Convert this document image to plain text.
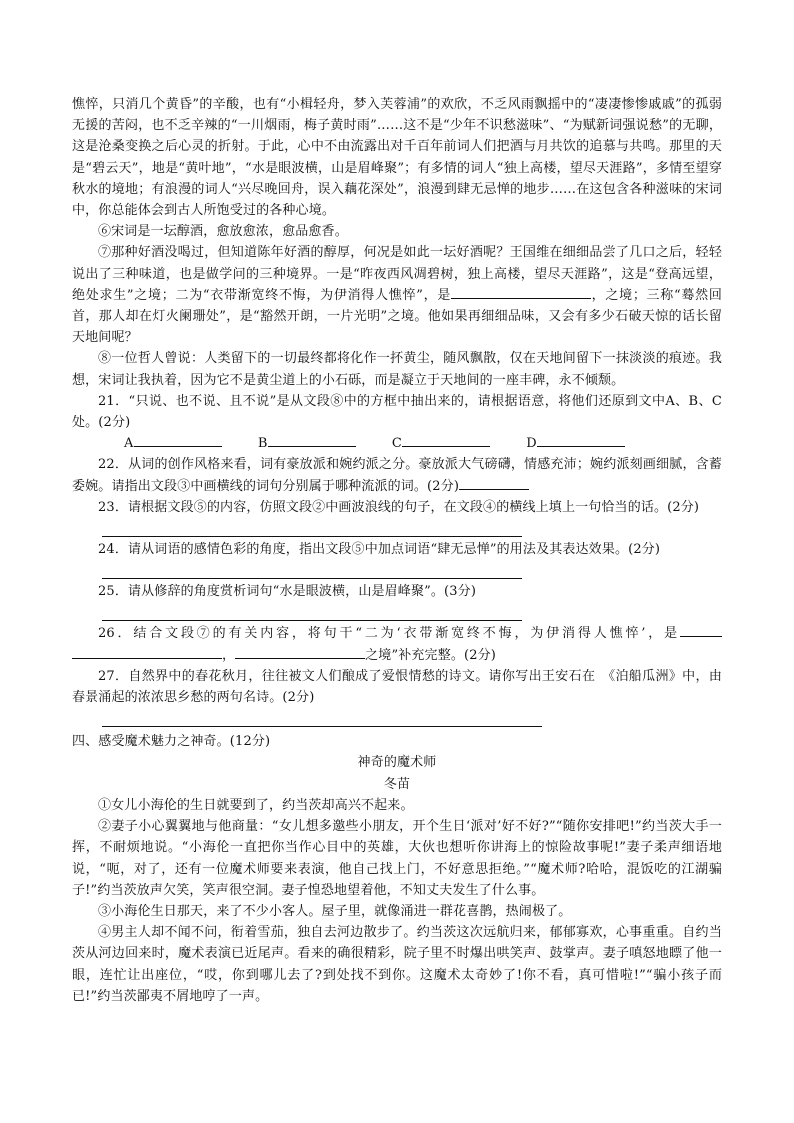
憔悴，只消几个黄昏”的辛酸，也有“小楫轻舟，梦入芙蓉浦”的欢欣，不乏风雨飘摇中的“凄凄惨惨戚戚”的孤弱无援的苦闷，也不乏辛辣的“一川烟雨，梅子黄时雨”……这不是“少年不识愁滋味”、“为赋新词强说愁”的无聊，这是沧桑变换之后心灵的折射。于此，心中不由流露出对千百年前词人们把酒与月共饮的追慕与共鸣。那里的天是“碧云天”，地是“黄叶地”，“水是眼波横，山是眉峰聚”；有多情的词人“独上高楼，望尽天涯路”，多情至望穿秋水的境地；有浪漫的词人“兴尽晚回舟，误入藕花深处”，浪漫到肆无忌惮的地步……在这包含各种滋味的宋词中，你总能体会到古人所饱受过的各种心境。

⑥宋词是一坛醇酒，愈放愈浓，愈品愈香。

⑦那种好酒没喝过，但知道陈年好酒的醇厚，何况是如此一坛好酒呢？王国维在细细品尝了几口之后，轻轻说出了三种味道，也是做学问的三种境界。一是“昨夜西风凋碧树，独上高楼，望尽天涯路”，这是“登高远望，绝处求生”之境；二为“衣带渐宽终不悔，为伊消得人憔悴”，是	，之境；三称“蓦然回首，那人却在灯火阑珊处”，是“豁然开朗，一片光明”之境。他如果再细细品味，又会有多少石破天惊的话长留天地间呢？

⑧一位哲人曾说：人类留下的一切最终都将化作一抔黄尘，随风飘散，仅在天地间留下一抹淡淡的痕迹。我想，宋词让我执着，因为它不是黄尘道上的小石砾，而是凝立于天地间的一座丰碑，永不倾颓。

21．“只说、也不说、且不说”是从文段⑧中的方框中抽出来的，请根据语意，将他们还原到文中A、B、C处。(2分)

A	B	C	D

22．从词的创作风格来看，词有豪放派和婉约派之分。豪放派大气磅礴，情感充沛；婉约派刻画细腻，含蓄委婉。请指出文段③中画横线的词句分别属于哪种流派的词。(2分)

23．请根据文段⑤的内容，仿照文段②中画波浪线的句子，在文段④的横线上填上一句恰当的话。(2分)

24．请从词语的感情色彩的角度，指出文段⑤中加点词语“肆无忌惮”的用法及其表达效果。(2分)

25．请从修辞的角度赏析词句“水是眼波横，山是眉峰聚”。(3分)

26．结合文段⑦的有关内容，将句干“二为‘衣带渐宽终不悔，为伊消得人憔悴’，是，	之境”补充完整。(2分)

27．自然界中的春花秋月，往往被文人们酿成了爱恨情愁的诗文。请你写出王安石在　《泊船瓜洲》中，由春景涌起的浓浓思乡愁的两句名诗。(2分)

四、感受魔术魅力之神奇。(12分)

神奇的魔术师

冬苗

①女儿小海伦的生日就要到了，约当茨却高兴不起来。

②妻子小心翼翼地与他商量：“女儿想多邀些小朋友，开个生日‘派对’好不好?”“随你安排吧!”约当茨大手一挥，不耐烦地说。“小海伦一直把你当作心目中的英雄，大伙也想听你讲海上的惊险故事呢!”妻子柔声细语地说，“呃，对了，还有一位魔术师要来表演，他自己找上门，不好意思拒绝。”“魔术师?哈哈，混饭吃的江湖骗子!”约当茨放声欠笑，笑声很空洞。妻子惶恐地望着他，不知丈夫发生了什么事。

③小海伦生日那天，来了不少小客人。屋子里，就像涌进一群花喜鹊，热闹极了。

④男主人却不闻不问，衔着雪茄，独自去河边散步了。约当茨这次远航归来，郁郁寡欢，心事重重。自约当茨从河边回来时，魔术表演已近尾声。看来的确很精彩，院子里不时爆出哄笑声、鼓掌声。妻子嗔怒地瞟了他一眼，连忙让出座位，“哎，你到哪儿去了?到处找不到你。这魔术太奇妙了!你不看，真可惜啦!”“骗小孩子而已!”约当茨鄙夷不屑地哼了一声。
